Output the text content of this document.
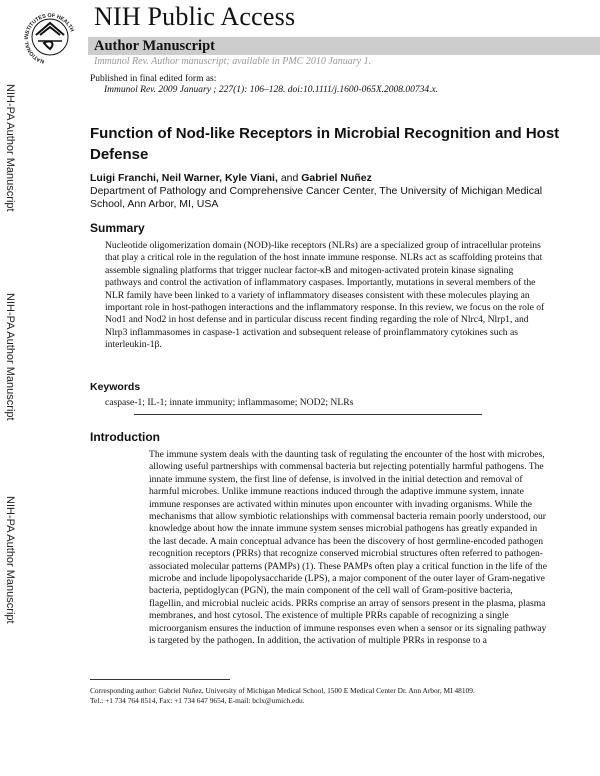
NATIONAL INSTITUTES OF HEALTH NIH Public Access
Author Manuscript
Immunol Rev. Author manuscript; available in PMC 2010 January 1.
Published in final edited form as:
Immunol Rev. 2009 January ; 227(1): 106–128. doi:10.1111/j.1600-065X.2008.00734.x.
NIH-PA Author Manuscript
NIH-PA Author Manuscript
NIH-PA Author Manuscript
Function of Nod-like Receptors in Microbial Recognition and Host Defense
Luigi Franchi, Neil Warner, Kyle Viani, and Gabriel Nuñez
Department of Pathology and Comprehensive Cancer Center, The University of Michigan Medical School, Ann Arbor, MI, USA
Summary

Nucleotide oligomerization domain (NOD)-like receptors (NLRs) are a specialized group of intracellular proteins that play a critical role in the regulation of the host innate immune response. NLRs act as scaffolding proteins that assemble signaling platforms that trigger nuclear factor-κB and mitogen-activated protein kinase signaling pathways and control the activation of inflammatory caspases. Importantly, mutations in several members of the NLR family have been linked to a variety of inflammatory diseases consistent with these molecules playing an important role in host-pathogen interactions and the inflammatory response. In this review, we focus on the role of Nod1 and Nod2 in host defense and in particular discuss recent finding regarding the role of Nlrc4, Nlrp1, and Nlrp3 inflammasomes in caspase-1 activation and subsequent release of proinflammatory cytokines such as interleukin-1β.

Keywords
caspase-1; IL-1; innate immunity; inflammasome; NOD2; NLRs
Introduction

The immune system deals with the daunting task of regulating the encounter of the host with microbes, allowing useful partnerships with commensal bacteria but rejecting potentially harmful pathogens. The innate immune system, the first line of defense, is involved in the initial detection and removal of harmful microbes. Unlike immune reactions induced through the adaptive immune system, innate immune responses are activated within minutes upon encounter with invading organisms. While the mechanisms that allow symbiotic relationships with commensal bacteria remain poorly understood, our knowledge about how the innate immune system senses microbial pathogens has greatly expanded in the last decade. A main conceptual advance has been the discovery of host germline-encoded pathogen recognition receptors (PRRs) that recognize conserved microbial structures often referred to pathogen-associated molecular patterns (PAMPs) (1). These PAMPs often play a critical function in the life of the microbe and include lipopolysaccharide (LPS), a major component of the outer layer of Gram-negative bacteria, peptidoglycan (PGN), the main component of the cell wall of Gram-positive bacteria, flagellin, and microbial nucleic acids. PRRs comprise an array of sensors present in the plasma, plasma membranes, and host cytosol. The existence of multiple PRRs capable of recognizing a single microorganism ensures the induction of immune responses even when a sensor or its signaling pathway is targeted by the pathogen. In addition, the activation of multiple PRRs in response to a

Corresponding author: Gabriel Nuñez, University of Michigan Medical School, 1500 E Medical Center Dr. Ann Arbor, MI 48109.
Tel.: +1 734 764 8514, Fax: +1 734 647 9654, E-mail: bclx@umich.edu.
